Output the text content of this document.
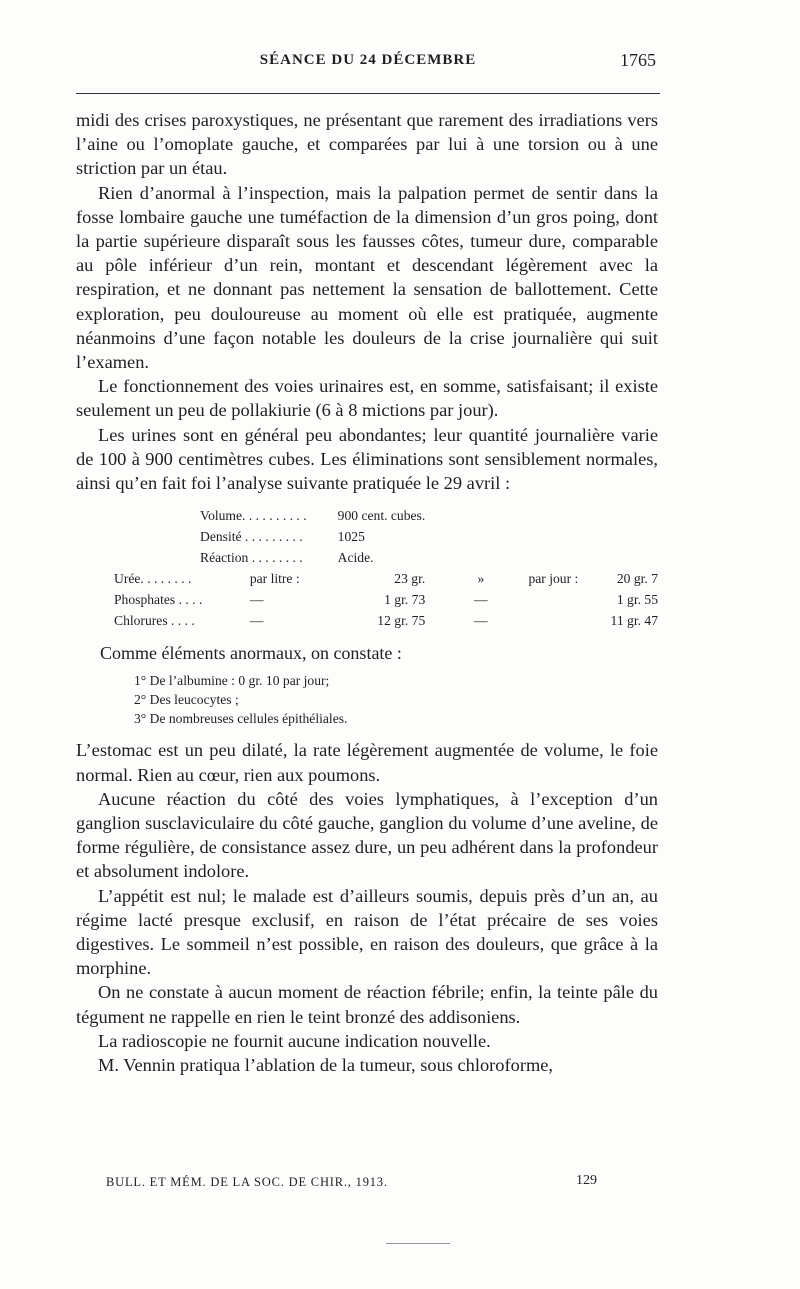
SÉANCE DU 24 DÉCEMBRE	1765

midi des crises paroxystiques, ne présentant que rarement des irradiations vers l’aine ou l’omoplate gauche, et comparées par lui à une torsion ou à une striction par un étau.

Rien d’anormal à l’inspection, mais la palpation permet de sentir dans la fosse lombaire gauche une tuméfaction de la dimension d’un gros poing, dont la partie supérieure disparaît sous les fausses côtes, tumeur dure, comparable au pôle inférieur d’un rein, montant et descendant légèrement avec la respiration, et ne donnant pas nettement la sensation de ballottement. Cette exploration, peu douloureuse au moment où elle est pratiquée, augmente néanmoins d’une façon notable les douleurs de la crise journalière qui suit l’examen.

Le fonctionnement des voies urinaires est, en somme, satisfaisant; il existe seulement un peu de pollakiurie (6 à 8 mictions par jour).

Les urines sont en général peu abondantes; leur quantité journalière varie de 100 à 900 centimètres cubes. Les éliminations sont sensiblement normales, ainsi qu’en fait foi l’analyse suivante pratiquée le 29 avril :

Volume. . . . . . . . . .		900 cent. cubes.			
Densité . . . . . . . . .		1025			
Réaction . . . . . . . .		Acide.			
Urée. . . . . . . .	par litre :	23 gr.	»	par jour :	20 gr. 7
Phosphates . . . .	—	1 gr. 73	—		1 gr. 55
Chlorures . . . .	—	12 gr. 75	—		11 gr. 47

Comme éléments anormaux, on constate :

1° De l’albumine : 0 gr. 10 par jour;
2° Des leucocytes ;
3° De nombreuses cellules épithéliales.

L’estomac est un peu dilaté, la rate légèrement augmentée de volume, le foie normal. Rien au cœur, rien aux poumons.

Aucune réaction du côté des voies lymphatiques, à l’exception d’un ganglion susclaviculaire du côté gauche, ganglion du volume d’une aveline, de forme régulière, de consistance assez dure, un peu adhérent dans la profondeur et absolument indolore.

L’appétit est nul; le malade est d’ailleurs soumis, depuis près d’un an, au régime lacté presque exclusif, en raison de l’état précaire de ses voies digestives. Le sommeil n’est possible, en raison des douleurs, que grâce à la morphine.

On ne constate à aucun moment de réaction fébrile; enfin, la teinte pâle du tégument ne rappelle en rien le teint bronzé des addisoniens.

La radioscopie ne fournit aucune indication nouvelle.

M. Vennin pratiqua l’ablation de la tumeur, sous chloroforme,

BULL. ET MÉM. DE LA SOC. DE CHIR., 1913.	129
